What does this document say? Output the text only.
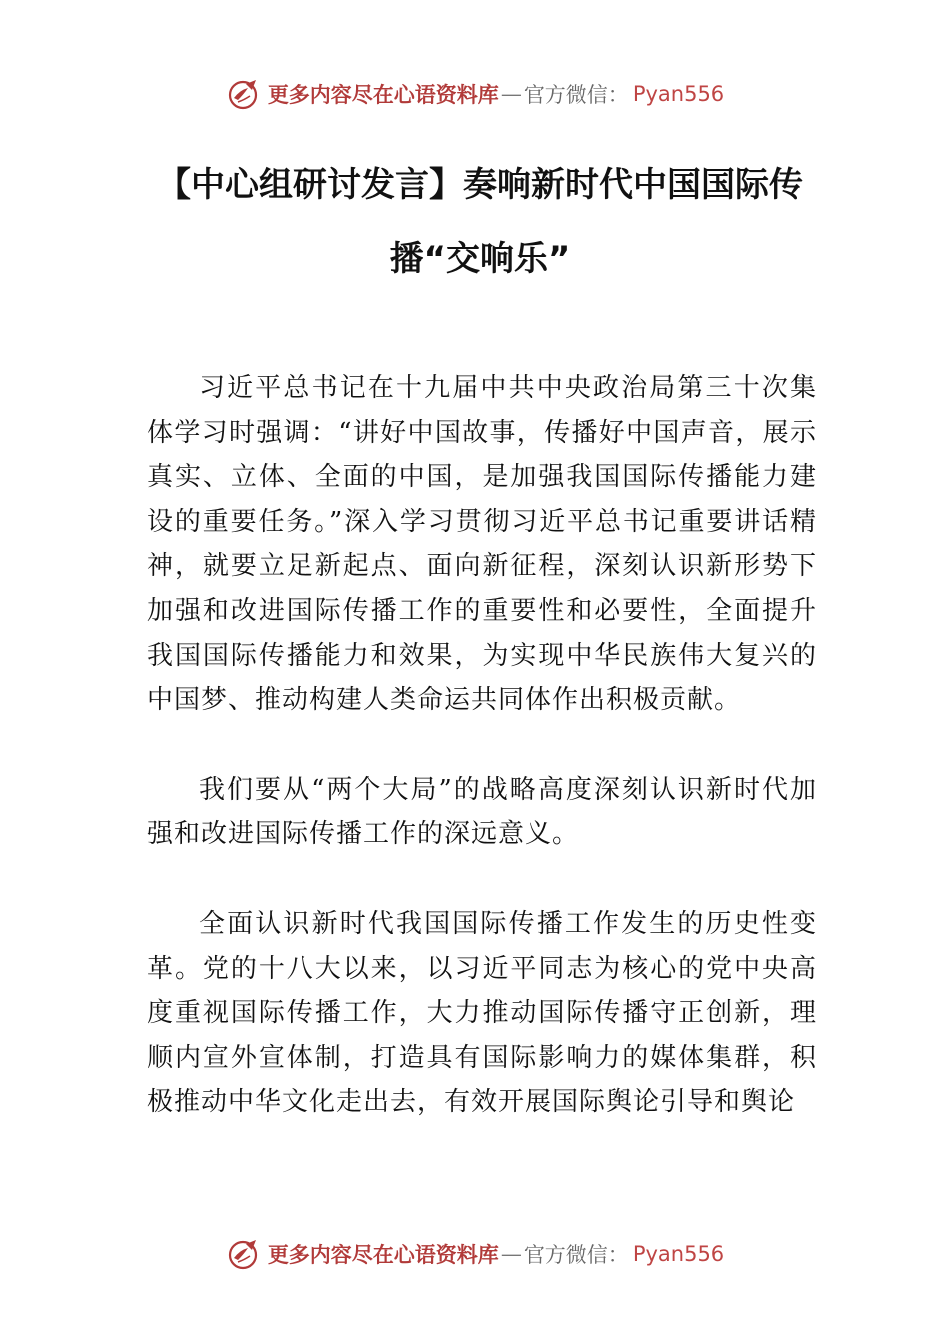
更多内容尽在心语资料库 — 官方微信： Pyan556
【中心组研讨发言】奏响新时代中国国际传播“交响乐”

习近平总书记在十九届中共中央政治局第三十次集体学习时强调：“讲好中国故事，传播好中国声音，展示真实、立体、全面的中国，是加强我国国际传播能力建设的重要任务。”深入学习贯彻习近平总书记重要讲话精神，就要立足新起点、面向新征程，深刻认识新形势下加强和改进国际传播工作的重要性和必要性，全面提升我国国际传播能力和效果，为实现中华民族伟大复兴的中国梦、推动构建人类命运共同体作出积极贡献。

我们要从“两个大局”的战略高度深刻认识新时代加强和改进国际传播工作的深远意义。

全面认识新时代我国国际传播工作发生的历史性变革。党的十八大以来，以习近平同志为核心的党中央高度重视国际传播工作，大力推动国际传播守正创新，理顺内宣外宣体制，打造具有国际影响力的媒体集群，积极推动中华文化走出去，有效开展国际舆论引导和舆论

更多内容尽在心语资料库 — 官方微信： Pyan556
